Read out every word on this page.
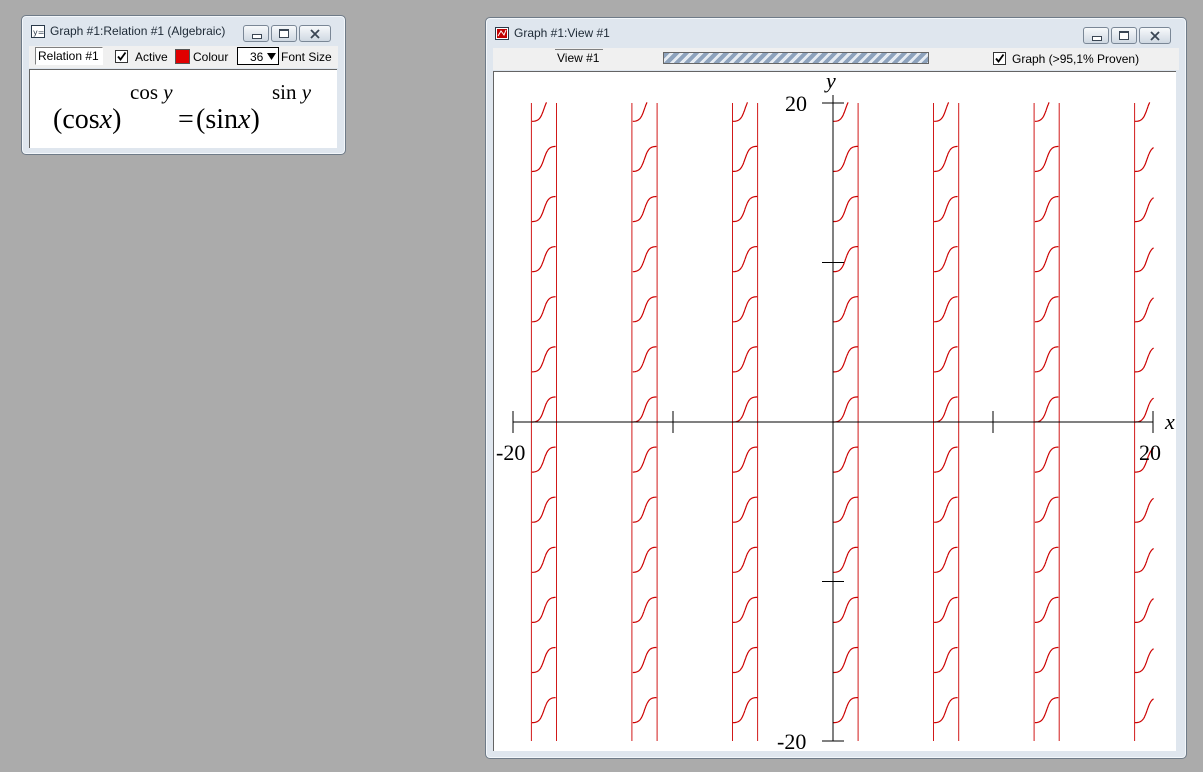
y= Graph #1:Relation #1 (Algebraic)
Relation #1	Active Colour 36 Font Size
(cosx)
cos y
= (sinx)
sin y
Graph #1:View #1
View #1	Graph (>95,1% Proven)
x
y
-20	20
20
-20
